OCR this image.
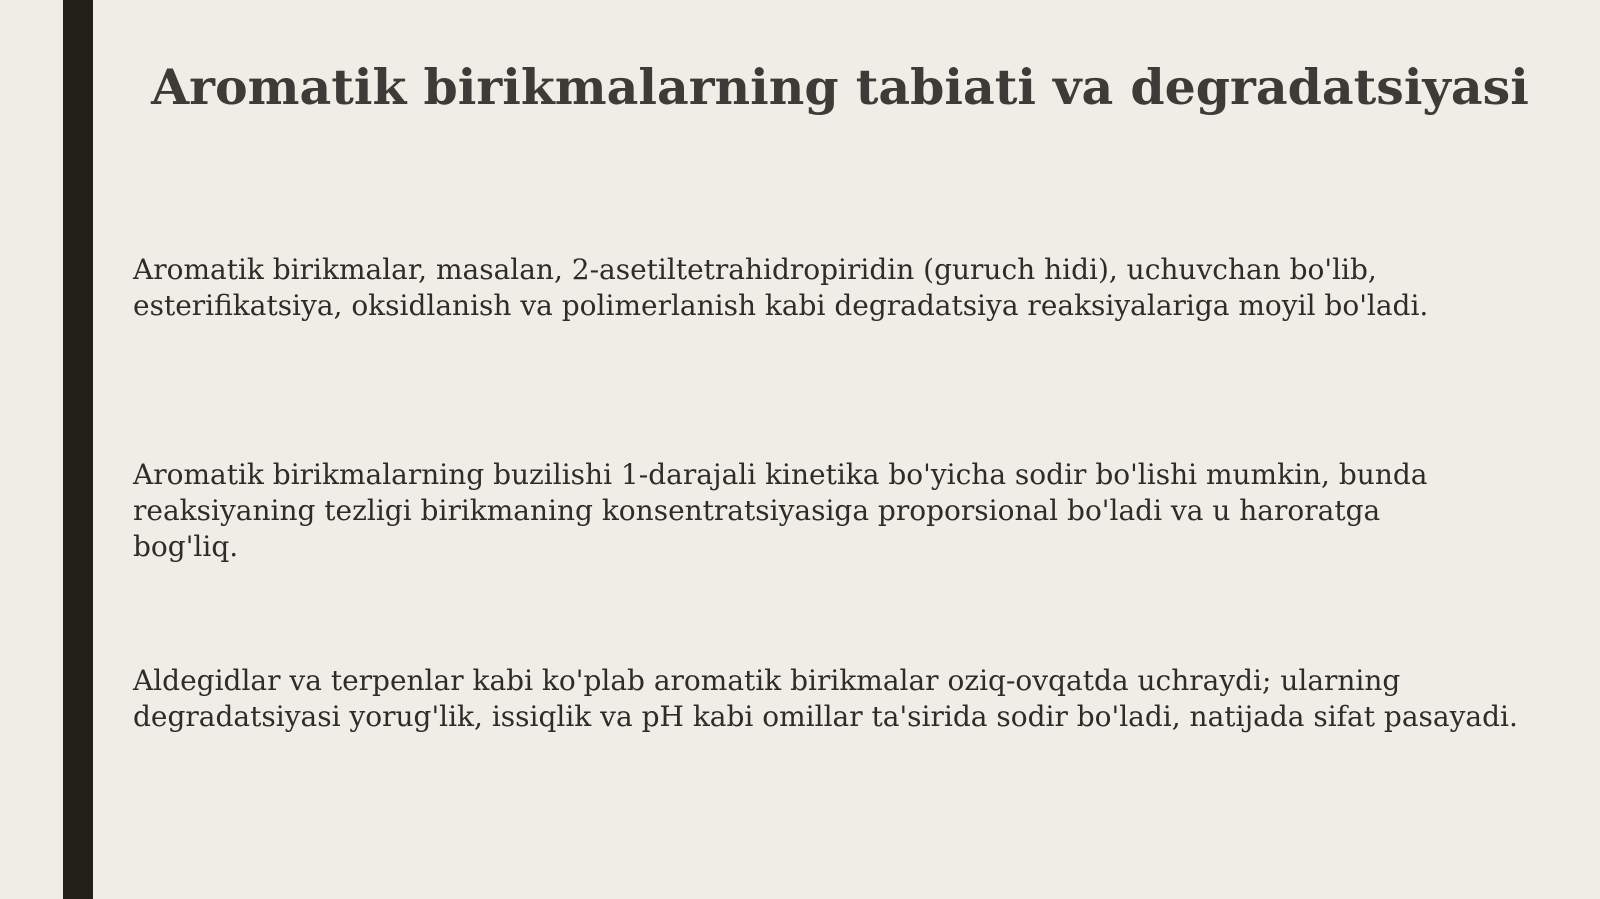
Aromatik birikmalarning tabiati va degradatsiyasi
Aromatik birikmalar, masalan, 2-asetiltetrahidropiridin (guruch hidi), uchuvchan bo'lib,
esterifikatsiya, oksidlanish va polimerlanish kabi degradatsiya reaksiyalariga moyil bo'ladi.
Aromatik birikmalarning buzilishi 1-darajali kinetika bo'yicha sodir bo'lishi mumkin, bunda
reaksiyaning tezligi birikmaning konsentratsiyasiga proporsional bo'ladi va u haroratga
bog'liq.
Aldegidlar va terpenlar kabi ko'plab aromatik birikmalar oziq-ovqatda uchraydi; ularning
degradatsiyasi yorug'lik, issiqlik va pH kabi omillar ta'sirida sodir bo'ladi, natijada sifat pasayadi.
